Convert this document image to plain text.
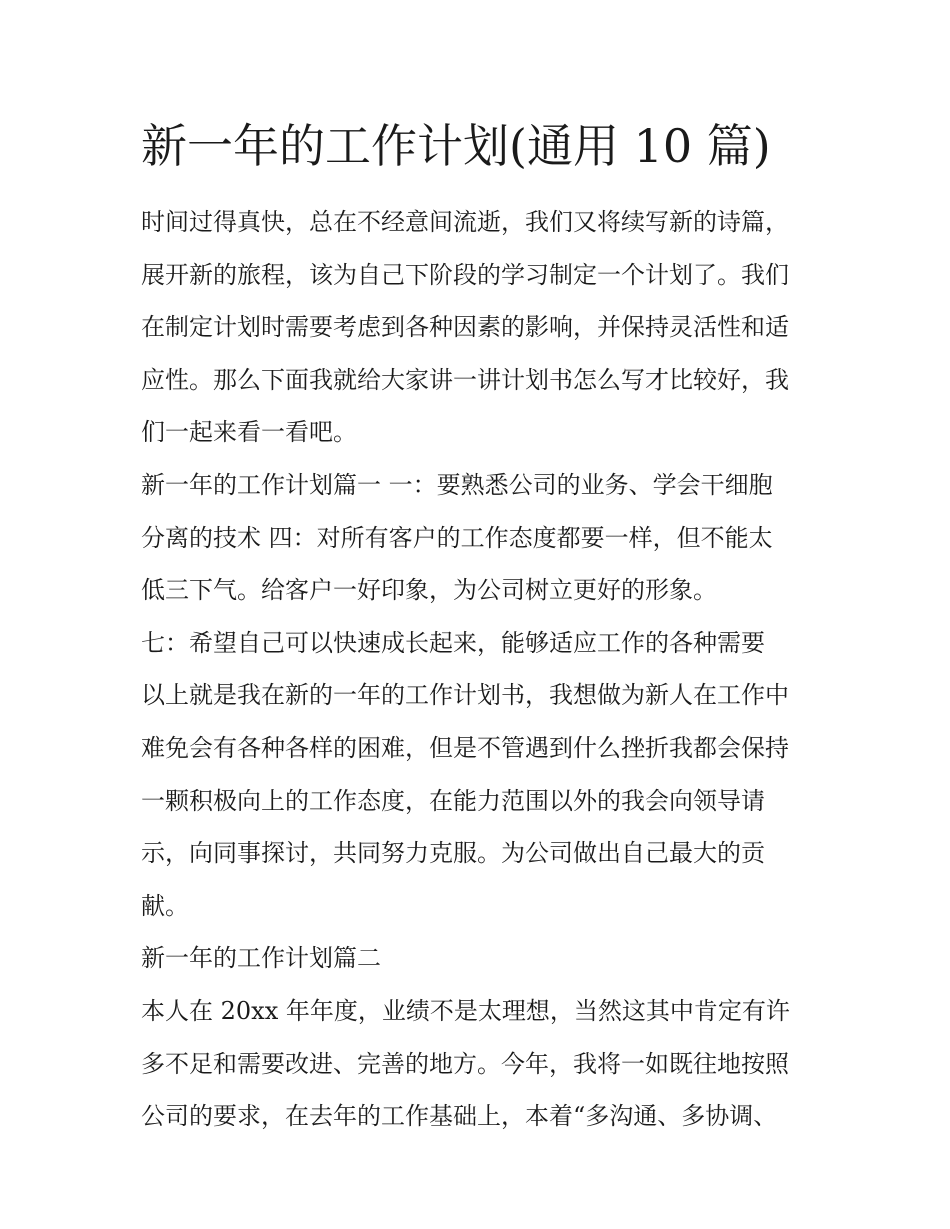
新一年的工作计划(通用 10 篇)
时间过得真快，总在不经意间流逝，我们又将续写新的诗篇，
展开新的旅程，该为自己下阶段的学习制定一个计划了。我们
在制定计划时需要考虑到各种因素的影响，并保持灵活性和适
应性。那么下面我就给大家讲一讲计划书怎么写才比较好，我
们一起来看一看吧。
新一年的工作计划篇一 一：要熟悉公司的业务、学会干细胞
分离的技术 四：对所有客户的工作态度都要一样，但不能太
低三下气。给客户一好印象，为公司树立更好的形象。
七：希望自己可以快速成长起来，能够适应工作的各种需要
以上就是我在新的一年的工作计划书，我想做为新人在工作中
难免会有各种各样的困难，但是不管遇到什么挫折我都会保持
一颗积极向上的工作态度，在能力范围以外的我会向领导请
示，向同事探讨，共同努力克服。为公司做出自己最大的贡
献。
新一年的工作计划篇二
本人在 20xx 年年度，业绩不是太理想，当然这其中肯定有许
多不足和需要改进、完善的地方。今年，我将一如既往地按照
公司的要求，在去年的工作基础上，本着“多沟通、多协调、
